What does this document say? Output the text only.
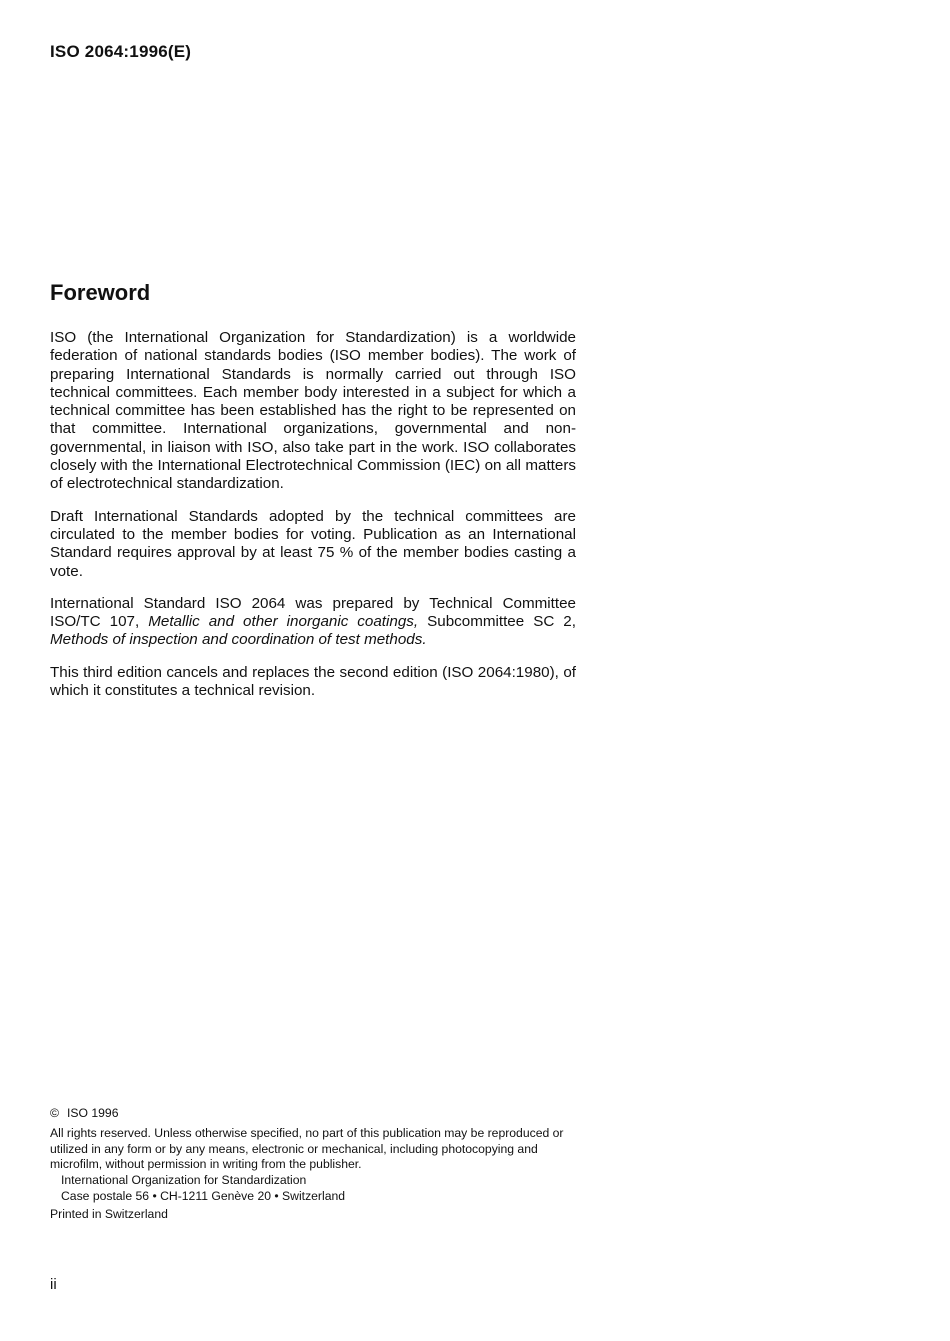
ISO 2064:1996(E)
Foreword

ISO (the International Organization for Standardization) is a worldwide federation of national standards bodies (ISO member bodies). The work of preparing International Standards is normally carried out through ISO technical committees. Each member body interested in a subject for which a technical committee has been established has the right to be represented on that committee. International organizations, governmental and non-governmental, in liaison with ISO, also take part in the work. ISO collaborates closely with the International Electrotechnical Commission (IEC) on all matters of electrotechnical standardization.

Draft International Standards adopted by the technical committees are circulated to the member bodies for voting. Publication as an International Standard requires approval by at least 75 % of the member bodies casting a vote.

International Standard ISO 2064 was prepared by Technical Committee ISO/TC 107, Metallic and other inorganic coatings, Subcommittee SC 2, Methods of inspection and coordination of test methods.

This third edition cancels and replaces the second edition (ISO 2064:1980), of which it constitutes a technical revision.

© ISO 1996

All rights reserved. Unless otherwise specified, no part of this publication may be reproduced or utilized in any form or by any means, electronic or mechanical, including photocopying and microfilm, without permission in writing from the publisher.

International Organization for Standardization

Case postale 56 • CH-1211 Genève 20 • Switzerland

Printed in Switzerland

ii
